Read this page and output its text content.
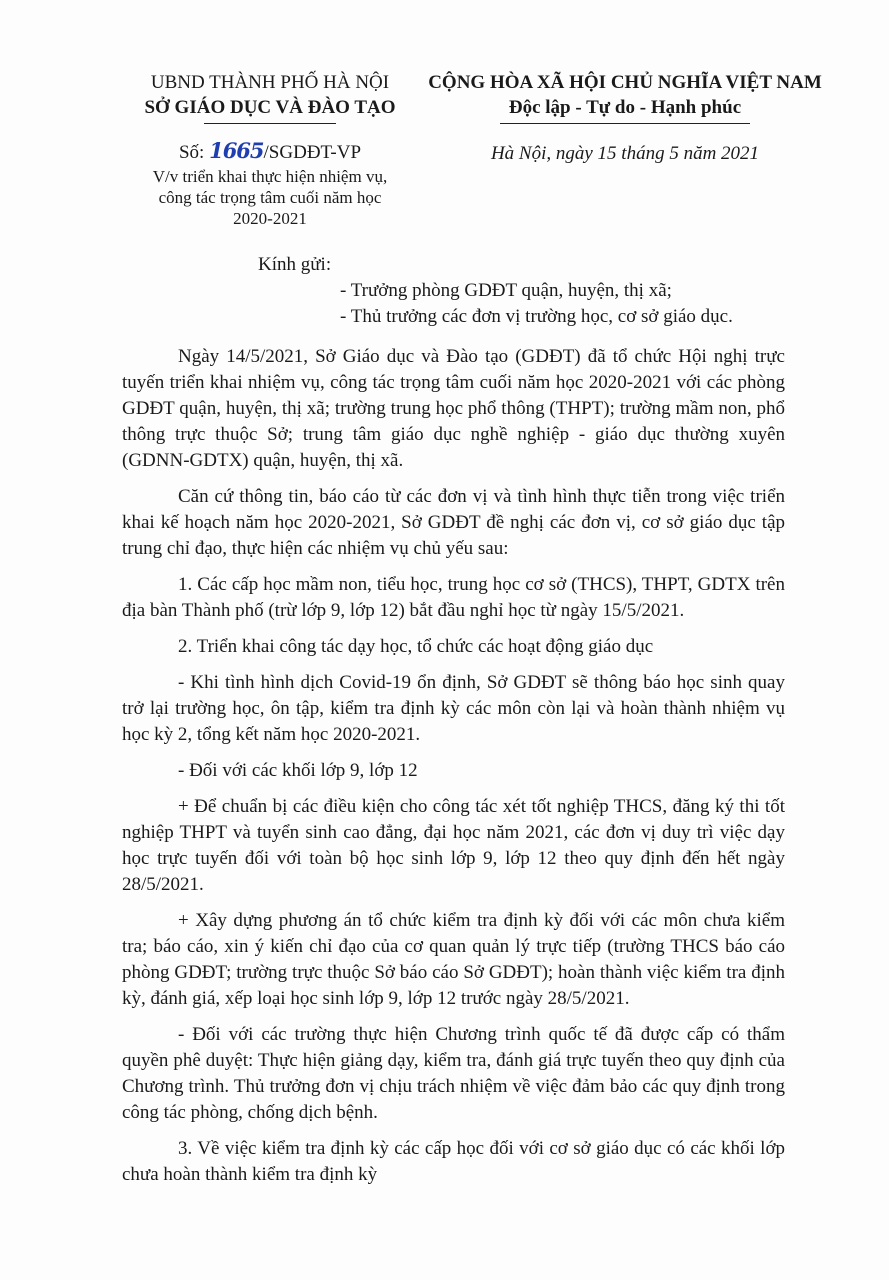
UBND THÀNH PHỐ HÀ NỘI
SỞ GIÁO DỤC VÀ ĐÀO TẠO
CỘNG HÒA XÃ HỘI CHỦ NGHĨA VIỆT NAM
Độc lập - Tự do - Hạnh phúc
Số: 1665/SGDĐT-VP
V/v triển khai thực hiện nhiệm vụ,
công tác trọng tâm cuối năm học
2020-2021
Hà Nội, ngày 15 tháng 5 năm 2021
Kính gửi:
- Trưởng phòng GDĐT quận, huyện, thị xã;
- Thủ trưởng các đơn vị trường học, cơ sở giáo dục.

Ngày 14/5/2021, Sở Giáo dục và Đào tạo (GDĐT) đã tổ chức Hội nghị trực tuyến triển khai nhiệm vụ, công tác trọng tâm cuối năm học 2020-2021 với các phòng GDĐT quận, huyện, thị xã; trường trung học phổ thông (THPT); trường mầm non, phổ thông trực thuộc Sở; trung tâm giáo dục nghề nghiệp - giáo dục thường xuyên (GDNN-GDTX) quận, huyện, thị xã.

Căn cứ thông tin, báo cáo từ các đơn vị và tình hình thực tiễn trong việc triển khai kế hoạch năm học 2020-2021, Sở GDĐT đề nghị các đơn vị, cơ sở giáo dục tập trung chỉ đạo, thực hiện các nhiệm vụ chủ yếu sau:

1. Các cấp học mầm non, tiểu học, trung học cơ sở (THCS), THPT, GDTX trên địa bàn Thành phố (trừ lớp 9, lớp 12) bắt đầu nghỉ học từ ngày 15/5/2021.

2. Triển khai công tác dạy học, tổ chức các hoạt động giáo dục

- Khi tình hình dịch Covid-19 ổn định, Sở GDĐT sẽ thông báo học sinh quay trở lại trường học, ôn tập, kiểm tra định kỳ các môn còn lại và hoàn thành nhiệm vụ học kỳ 2, tổng kết năm học 2020-2021.

- Đối với các khối lớp 9, lớp 12

+ Để chuẩn bị các điều kiện cho công tác xét tốt nghiệp THCS, đăng ký thi tốt nghiệp THPT và tuyển sinh cao đẳng, đại học năm 2021, các đơn vị duy trì việc dạy học trực tuyến đối với toàn bộ học sinh lớp 9, lớp 12 theo quy định đến hết ngày 28/5/2021.

+ Xây dựng phương án tổ chức kiểm tra định kỳ đối với các môn chưa kiểm tra; báo cáo, xin ý kiến chỉ đạo của cơ quan quản lý trực tiếp (trường THCS báo cáo phòng GDĐT; trường trực thuộc Sở báo cáo Sở GDĐT); hoàn thành việc kiểm tra định kỳ, đánh giá, xếp loại học sinh lớp 9, lớp 12 trước ngày 28/5/2021.

- Đối với các trường thực hiện Chương trình quốc tế đã được cấp có thẩm quyền phê duyệt: Thực hiện giảng dạy, kiểm tra, đánh giá trực tuyến theo quy định của Chương trình. Thủ trưởng đơn vị chịu trách nhiệm về việc đảm bảo các quy định trong công tác phòng, chống dịch bệnh.

3. Về việc kiểm tra định kỳ các cấp học đối với cơ sở giáo dục có các khối lớp chưa hoàn thành kiểm tra định kỳ
